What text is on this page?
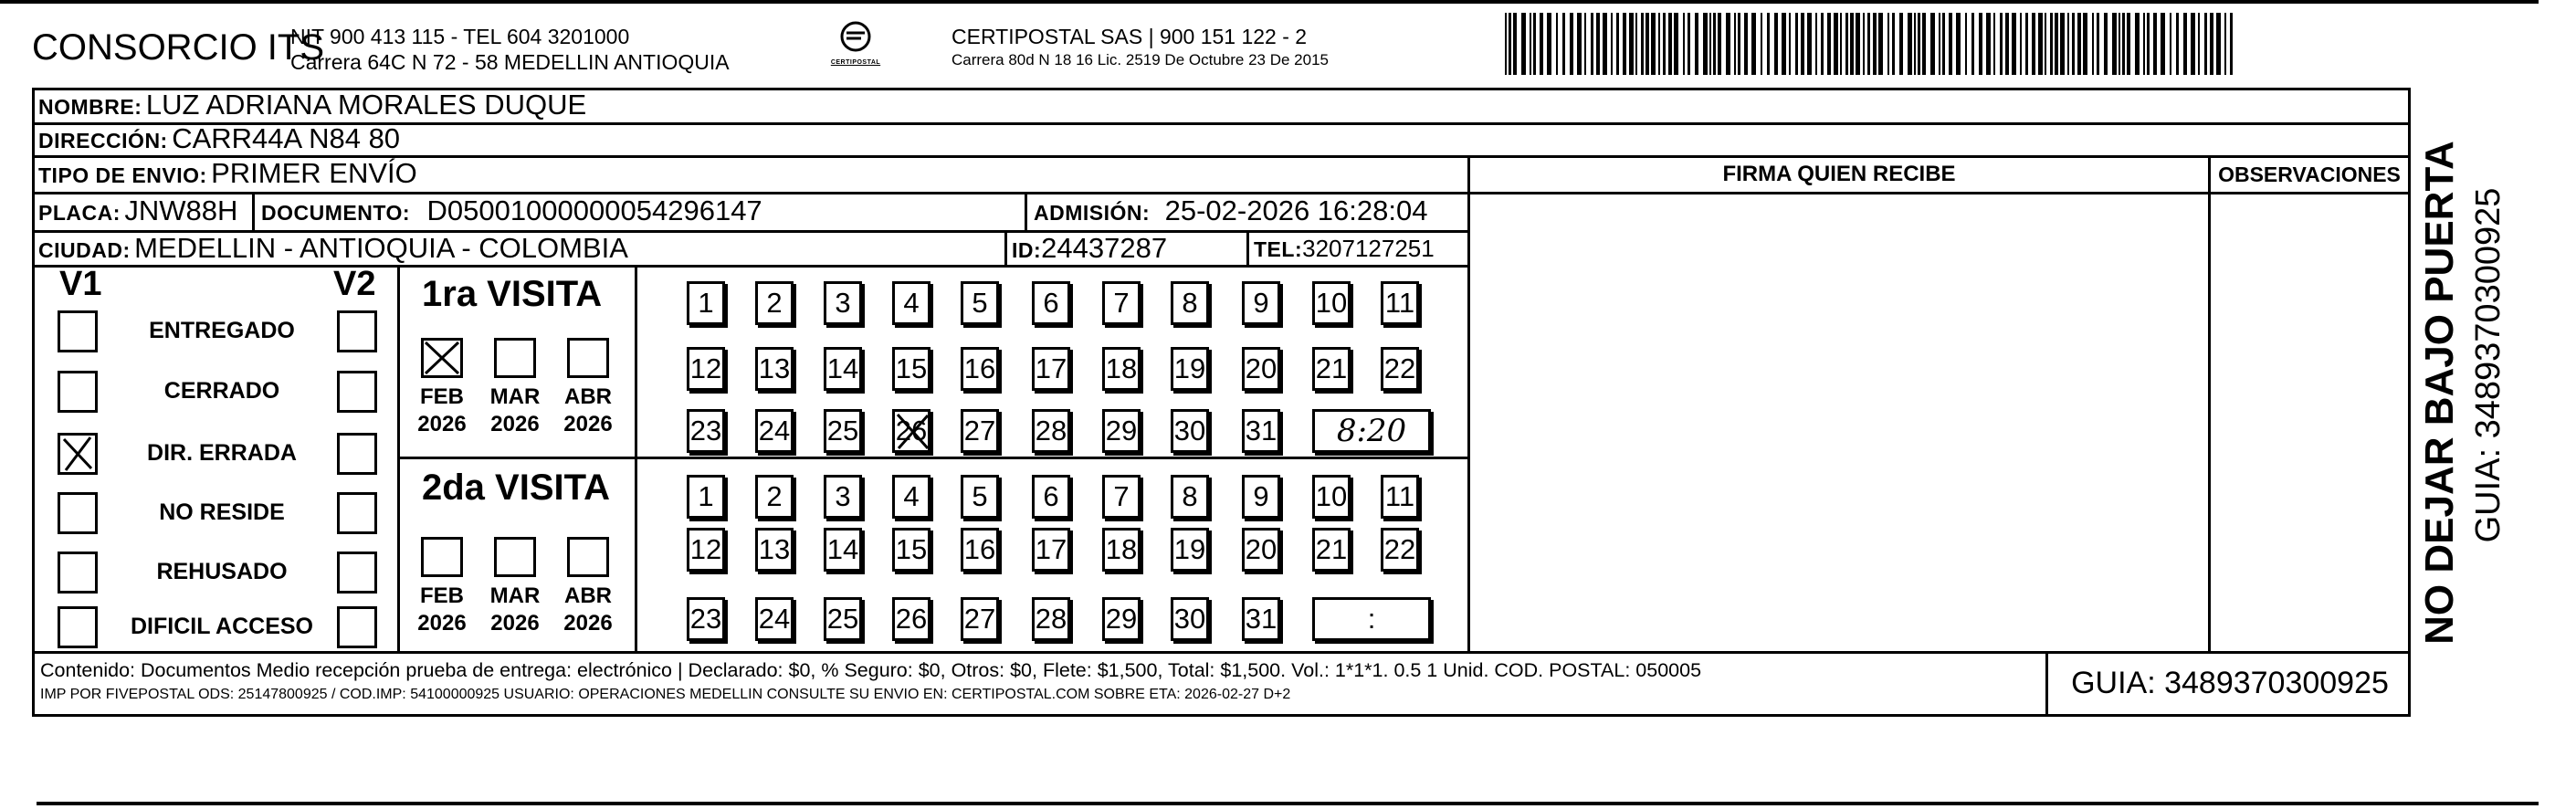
CONSORCIO ITS
NIT 900 413 115 - TEL 604 3201000
Carrera 64C N 72 - 58 MEDELLIN ANTIOQUIA	CERTIPOSTAL
CERTIPOSTAL SAS | 900 151 122 - 2
Carrera 80d N 18 16 Lic. 2519 De Octubre 23 De 2015
NOMBRE: LUZ ADRIANA MORALES DUQUE
DIRECCIÓN: CARR44A N84 80
TIPO DE ENVIO: PRIMER ENVÍO	FIRMA QUIEN RECIBE	OBSERVACIONES
PLACA: JNW88H DOCUMENTO: D05001000000054296147	ADMISIÓN: 25-02-2026 16:28:04
CIUDAD: MEDELLIN - ANTIOQUIA - COLOMBIA	ID:24437287	TEL:3207127251
V1	V2
ENTREGADO
CERRADO
DIR. ERRADA
NO RESIDE
REHUSADO
DIFICIL ACCESO
1ra VISITA
2da VISITA
FEB
2026
MAR
2026
ABR
2026
FEB
2026
MAR
2026
ABR
2026
1	2	3	4	5	6	7	8	9	10 11
12 13 14 15 16 17 18 19 20 21 22
23 24 25 26 27 28 29 30 31	8:20
1	2	3	4	5	6	7	8	9	10 11
12 13 14 15 16 17 18 19 20 21 22
23 24 25 26 27 28 29 30 31	:
Contenido: Documentos Medio recepción prueba de entrega: electrónico | Declarado: $0, % Seguro: $0, Otros: $0, Flete: $1,500, Total: $1,500. Vol.: 1*1*1. 0.5 1 Unid. COD. POSTAL: 050005
IMP POR FIVEPOSTAL ODS: 25147800925 / COD.IMP: 54100000925 USUARIO: OPERACIONES MEDELLIN CONSULTE SU ENVIO EN: CERTIPOSTAL.COM SOBRE ETA: 2026-02-27 D+2	GUIA: 3489370300925
NO DEJAR BAJO PUERTA GUIA: 3489370300925
